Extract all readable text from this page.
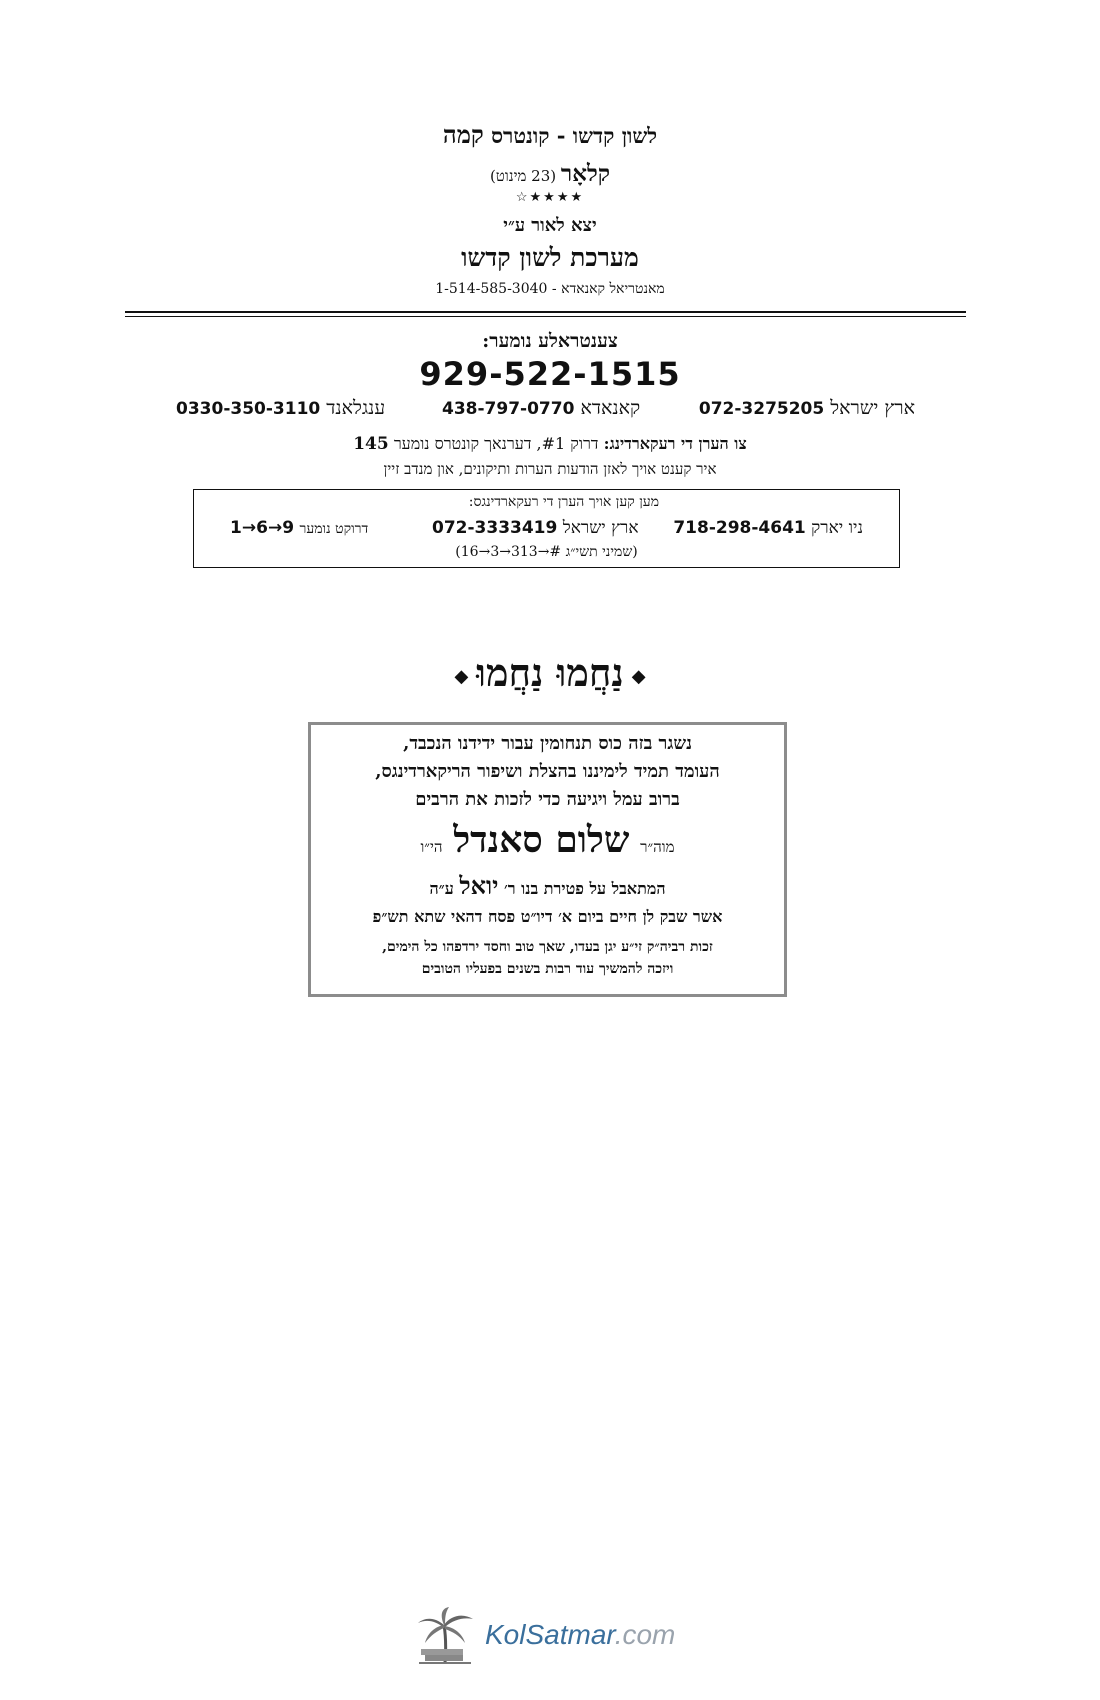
לשון קדשו - קונטרס קמה
קלאָר (23 מינוט)
★★★★☆
יצא לאור ע״י
מערכת לשון קדשו
מאנטריאל קאנאדא - 1-514-585-3040
צענטראלע נומער:
929-522-1515
ארץ ישראל 072-3275205
קאנאדא 438-797-0770
ענגלאנד 0330-350-3110
צו הערן די רעקארדינג: דרוק #1, דערנאך קונטרס נומער 145
איר קענט אויך לאזן הודעות הערות ותיקונים, און מנדב זיין
מען קען אויך הערן די רעקארדינגס:
ניו יארק 718-298-4641
ארץ ישראל 072-3333419
דרוקט נומער 9→6→1
(שמיני תשי״ג #→313→3→16)
◆נַחֲמוּ נַחֲמוּ◆
נשגר בזה כוס תנחומין עבור ידידנו הנכבד,
העומד תמיד לימיננו בהצלת ושיפור הריקארדינגס,
ברוב עמל ויגיעה כדי לזכות את הרבים
מוה״ר שלום סאנדל הי״ו
המתאבל על פטירת בנו ר׳ יואל ע״ה
אשר שבק לן חיים ביום א׳ דיו״ט פסח דהאי שתא תש״פ
זכות רביה״ק זי״ע יגן בעדו, שאך טוב וחסד ירדפהו כל הימים,
ויזכה להמשיך עוד רבות בשנים בפעליו הטובים
KolSatmar.com
